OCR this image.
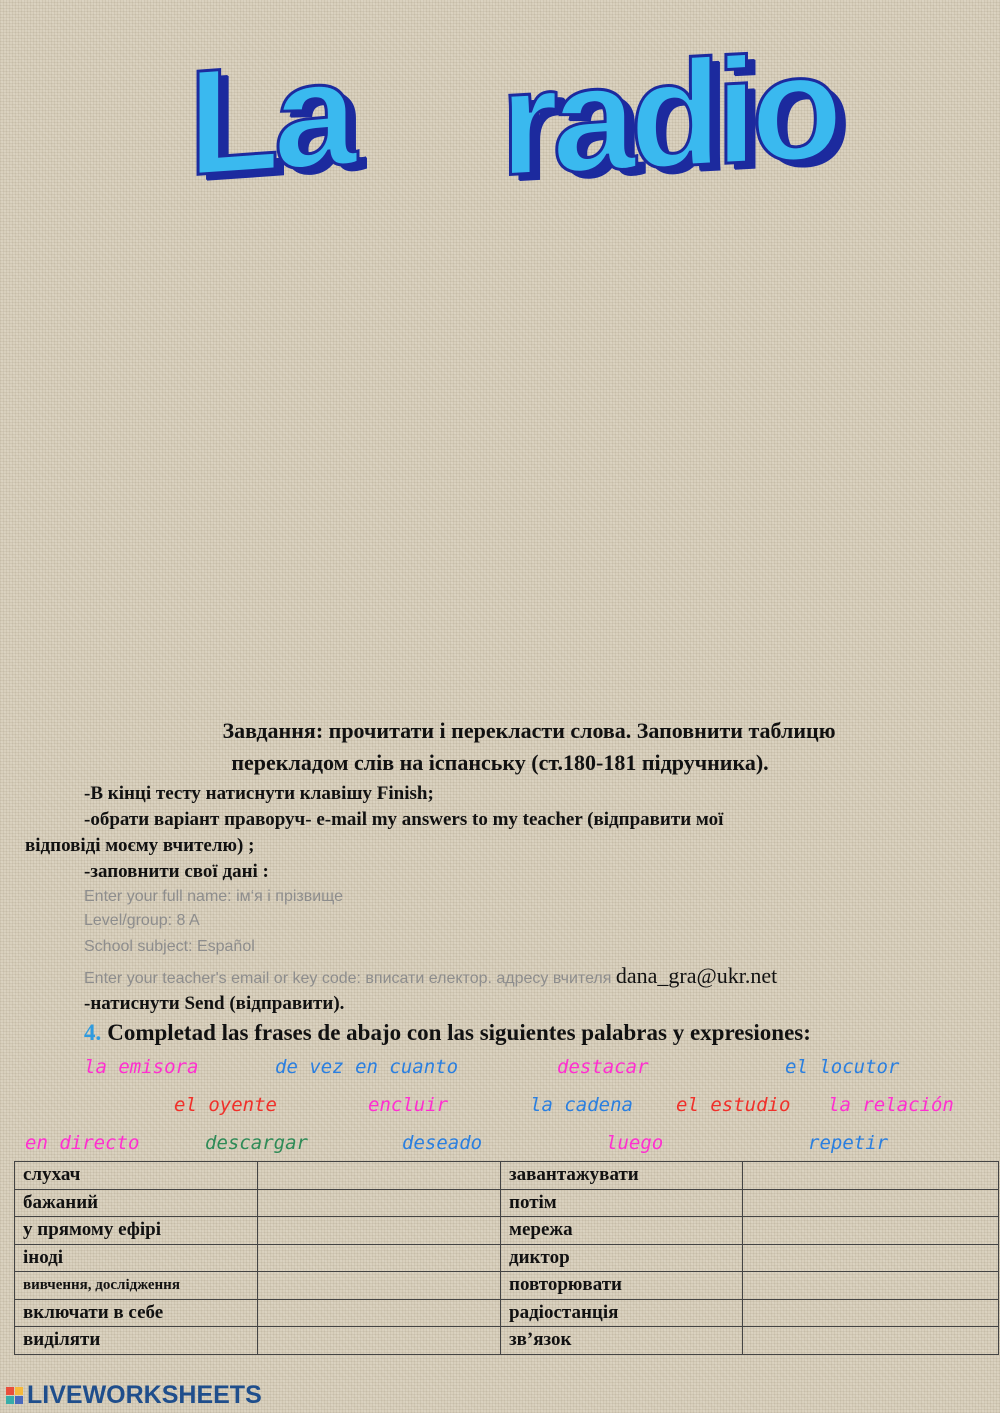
La radio
Завдання: прочитати і перекласти слова. Заповнити таблицю
перекладом слів на іспанську (ст.180-181 підручника).
-В кінці тесту натиснути клавішу Finish;
-обрати варіант праворуч- e-mail my answers to my teacher (відправити мої
відповіді моєму вчителю) ;
-заповнити свої дані :
Enter your full name: ім‘я і прізвище
Level/group: 8 A
School subject: Español
Enter your teacher's email or key code: вписати електор. адресу вчителя dana_gra@ukr.net
-натиснути Send (відправити).
4. Completad las frases de abajo con las siguientes palabras y expresiones:
la emisora	de vez en cuanto	destacar	el locutor
el oyente	encluir	la cadena el estudio la relación
en directo	descargar	deseado	luego	repetir
слухач		завантажувати	
бажаний		потім	
у прямому ефірі		мережа	
іноді		диктор	
вивчення, дослідження		повторювати	
включати в себе		радіостанція	
виділяти		зв’язок	
LIVEWORKSHEETS
